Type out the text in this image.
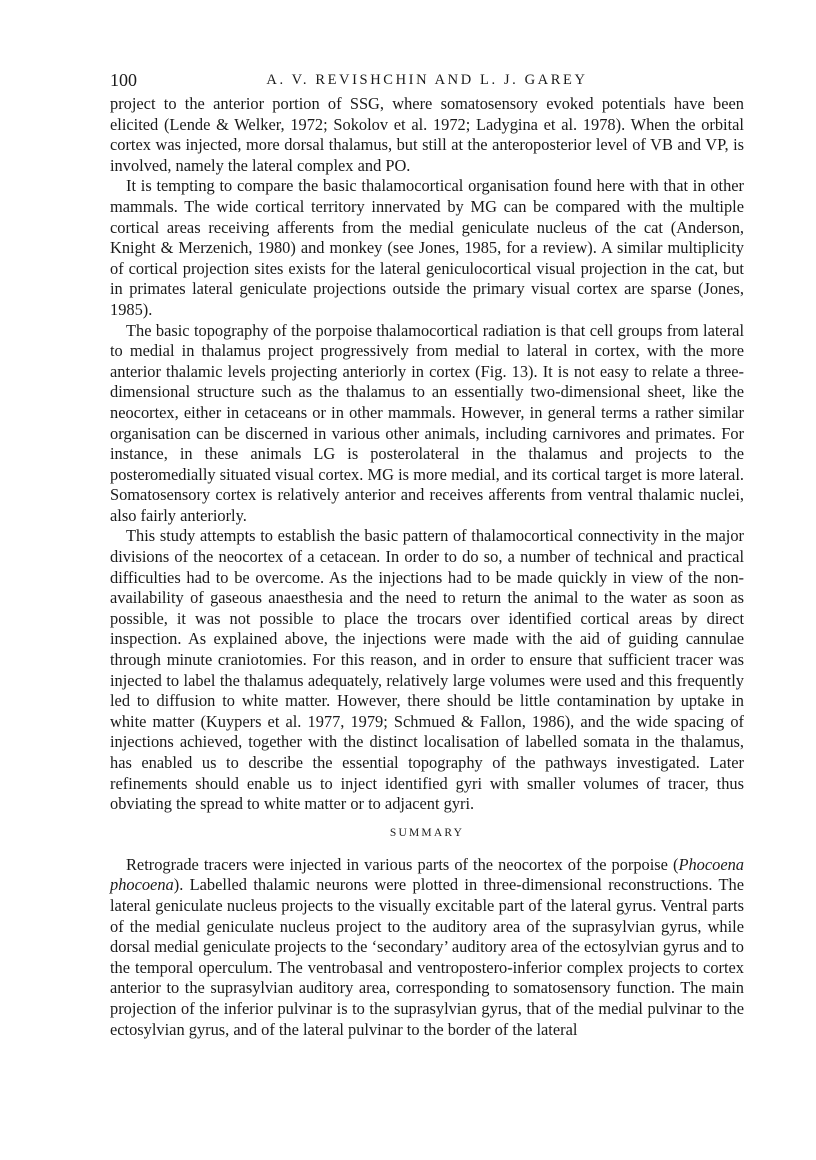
100	A. V. REVISHCHIN AND L. J. GAREY

project to the anterior portion of SSG, where somatosensory evoked potentials have been elicited (Lende & Welker, 1972; Sokolov et al. 1972; Ladygina et al. 1978). When the orbital cortex was injected, more dorsal thalamus, but still at the anteroposterior level of VB and VP, is involved, namely the lateral complex and PO.

It is tempting to compare the basic thalamocortical organisation found here with that in other mammals. The wide cortical territory innervated by MG can be compared with the multiple cortical areas receiving afferents from the medial geniculate nucleus of the cat (Anderson, Knight & Merzenich, 1980) and monkey (see Jones, 1985, for a review). A similar multiplicity of cortical projection sites exists for the lateral geniculocortical visual projection in the cat, but in primates lateral geniculate projections outside the primary visual cortex are sparse (Jones, 1985).

The basic topography of the porpoise thalamocortical radiation is that cell groups from lateral to medial in thalamus project progressively from medial to lateral in cortex, with the more anterior thalamic levels projecting anteriorly in cortex (Fig. 13). It is not easy to relate a three-dimensional structure such as the thalamus to an essentially two-dimensional sheet, like the neocortex, either in cetaceans or in other mammals. However, in general terms a rather similar organisation can be discerned in various other animals, including carnivores and primates. For instance, in these animals LG is posterolateral in the thalamus and projects to the posteromedially situated visual cortex. MG is more medial, and its cortical target is more lateral. Somatosensory cortex is relatively anterior and receives afferents from ventral thalamic nuclei, also fairly anteriorly.

This study attempts to establish the basic pattern of thalamocortical connectivity in the major divisions of the neocortex of a cetacean. In order to do so, a number of technical and practical difficulties had to be overcome. As the injections had to be made quickly in view of the non-availability of gaseous anaesthesia and the need to return the animal to the water as soon as possible, it was not possible to place the trocars over identified cortical areas by direct inspection. As explained above, the injections were made with the aid of guiding cannulae through minute craniotomies. For this reason, and in order to ensure that sufficient tracer was injected to label the thalamus adequately, relatively large volumes were used and this frequently led to diffusion to white matter. However, there should be little contamination by uptake in white matter (Kuypers et al. 1977, 1979; Schmued & Fallon, 1986), and the wide spacing of injections achieved, together with the distinct localisation of labelled somata in the thalamus, has enabled us to describe the essential topography of the pathways investigated. Later refinements should enable us to inject identified gyri with smaller volumes of tracer, thus obviating the spread to white matter or to adjacent gyri.

SUMMARY

Retrograde tracers were injected in various parts of the neocortex of the porpoise (Phocoena phocoena). Labelled thalamic neurons were plotted in three-dimensional reconstructions. The lateral geniculate nucleus projects to the visually excitable part of the lateral gyrus. Ventral parts of the medial geniculate nucleus project to the auditory area of the suprasylvian gyrus, while dorsal medial geniculate projects to the ‘secondary’ auditory area of the ectosylvian gyrus and to the temporal operculum. The ventrobasal and ventropostero-inferior complex projects to cortex anterior to the suprasylvian auditory area, corresponding to somatosensory function. The main projection of the inferior pulvinar is to the suprasylvian gyrus, that of the medial pulvinar to the ectosylvian gyrus, and of the lateral pulvinar to the border of the lateral
